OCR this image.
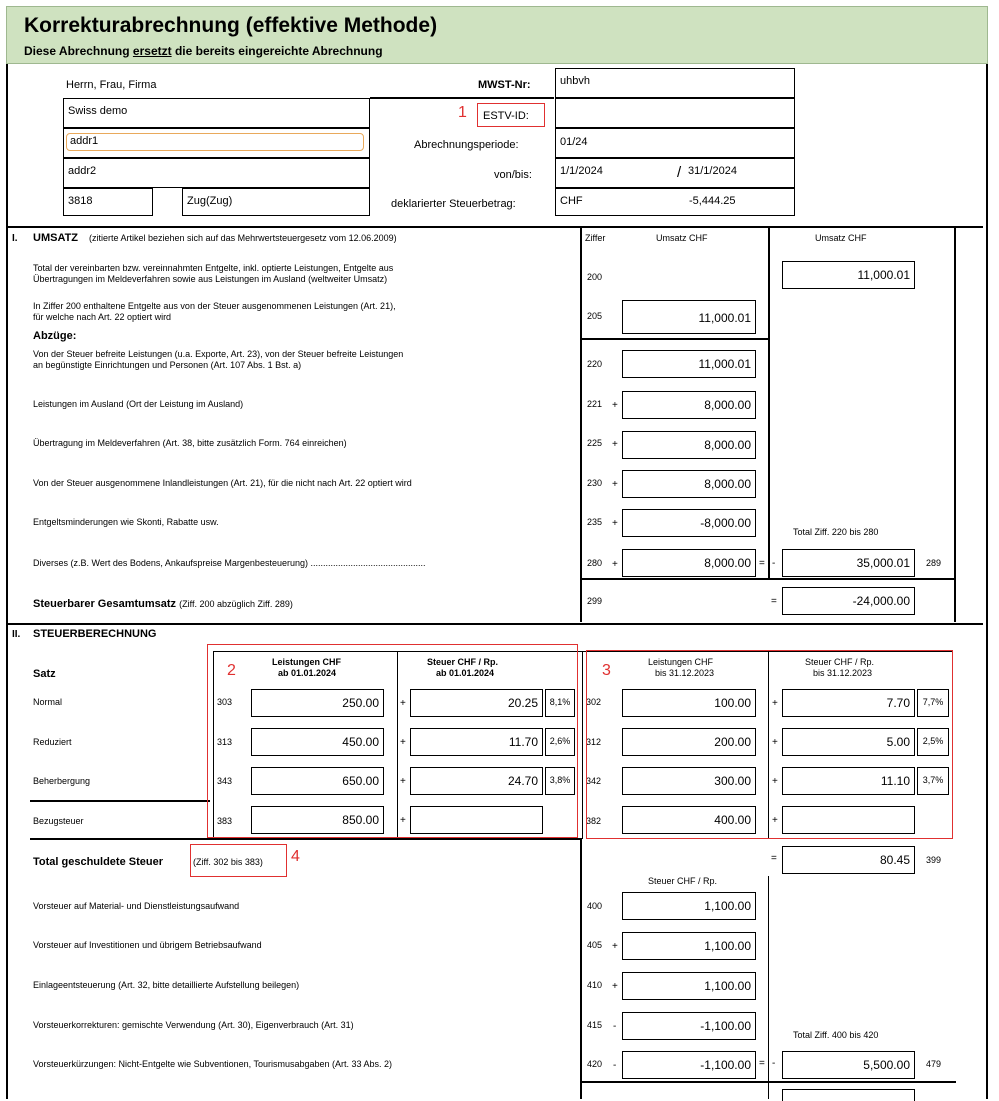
Korrekturabrechnung (effektive Methode)
Diese Abrechnung ersetzt die bereits eingereichte Abrechnung
Herrn, Frau, Firma
Swiss demo
addr1
addr2
3818	Zug(Zug)
MWST-Nr:	uhbvh
ESTV-ID:
Abrechnungsperiode:	01/24
von/bis:	1/1/2024	/ 31/1/2024
deklarierter Steuerbetrag:	CHF	-5,444.25
I. UMSATZ (zitierte Artikel beziehen sich auf das Mehrwertsteuergesetz vom 12.06.2009)	Ziffer	Umsatz CHF	Umsatz CHF
Total der vereinbarten bzw. vereinnahmten Entgelte, inkl. optierte Leistungen, Entgelte aus
Übertragungen im Meldeverfahren sowie aus Leistungen im Ausland (weltweiter Umsatz)	200	11,000.01
In Ziffer 200 enthaltene Entgelte aus von der Steuer ausgenommenen Leistungen (Art. 21),
für welche nach Art. 22 optiert wird	205	11,000.01
Abzüge:
Von der Steuer befreite Leistungen (u.a. Exporte, Art. 23), von der Steuer befreite Leistungen
an begünstigte Einrichtungen und Personen (Art. 107 Abs. 1 Bst. a)	220	11,000.01
Leistungen im Ausland (Ort der Leistung im Ausland)	221 +	8,000.00
Übertragung im Meldeverfahren (Art. 38, bitte zusätzlich Form. 764 einreichen)	225 +	8,000.00
Von der Steuer ausgenommene Inlandleistungen (Art. 21), für die nicht nach Art. 22 optiert wird	230 +	8,000.00
Entgeltsminderungen wie Skonti, Rabatte usw.	235 +	-8,000.00
Total Ziff. 220 bis 280
Diverses (z.B. Wert des Bodens, Ankaufspreise Margenbesteuerung) ..............................................	280 +	8,000.00 = -	35,000.01	289
Steuerbarer Gesamtumsatz (Ziff. 200 abzüglich Ziff. 289)	299	=	-24,000.00
II. STEUERBERECHNUNG
Satz
Leistungen CHF
ab 01.01.2024
Steuer CHF / Rp.
ab 01.01.2024
Leistungen CHF
bis 31.12.2023
Steuer CHF / Rp.
bis 31.12.2023
Normal	303	250.00	+	20.25	8,1%	302	100.00	+	7.70	7,7%
Reduziert	313	450.00	+	11.70	2,6%	312	200.00	+	5.00	2,5%
Beherbergung	343	650.00	+	24.70	3,8%	342	300.00	+	11.10	3,7%
Bezugsteuer	383	850.00	+	382	400.00	+
Total geschuldete Steuer	(Ziff. 302 bis 383)	=	80.45	399
Steuer CHF / Rp.
Vorsteuer auf Material- und Dienstleistungsaufwand	400	1,100.00
Vorsteuer auf Investitionen und übrigem Betriebsaufwand	405 +	1,100.00
Einlageentsteuerung (Art. 32, bitte detaillierte Aufstellung beilegen)	410 +	1,100.00
Vorsteuerkorrekturen: gemischte Verwendung (Art. 30), Eigenverbrauch (Art. 31)	415 -	-1,100.00
Total Ziff. 400 bis 420
Vorsteuerkürzungen: Nicht-Entgelte wie Subventionen, Tourismusabgaben (Art. 33 Abs. 2)	420 -	-1,100.00 = -	5,500.00	479
1
2	3
4
